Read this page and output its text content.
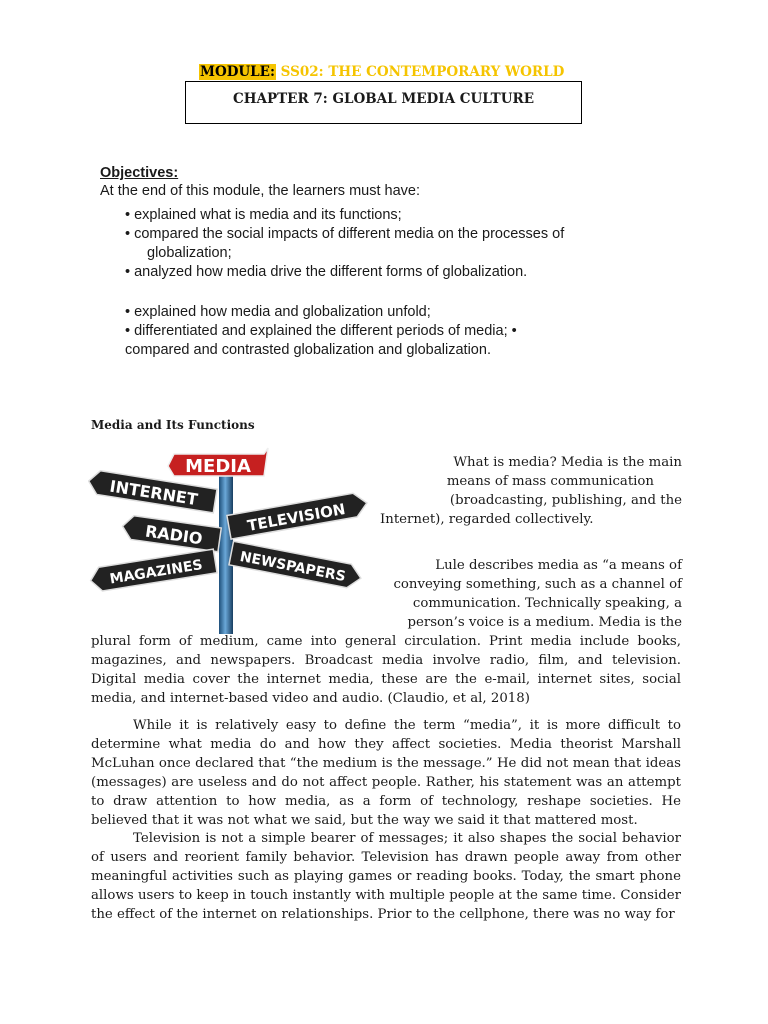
MODULE: SS02: THE CONTEMPORARY WORLD
CHAPTER 7: GLOBAL MEDIA CULTURE
Objectives:
At the end of this module, the learners must have:
• explained what is media and its functions;
• compared the social impacts of different media on the processes of
globalization;
• analyzed how media drive the different forms of globalization.
• explained how media and globalization unfold;
• differentiated and explained the different periods of media; •
compared and contrasted globalization and globalization.
Media and Its Functions
MEDIA
INTERNET
TELEVISION
RADIO
NEWSPAPERS
MAGAZINES
What is media? Media is the main
means of mass communication
(broadcasting, publishing, and the
Internet), regarded collectively.
Lule describes media as “a means of
conveying something, such as a channel of
communication. Technically speaking, a
person’s voice is a medium. Media is the
plural form of medium, came into general circulation. Print media include books, magazines, and newspapers. Broadcast media involve radio, film, and television. Digital media cover the internet media, these are the e-mail, internet sites, social media, and internet-based video and audio. (Claudio, et al, 2018)
While it is relatively easy to define the term “media”, it is more difficult to determine what media do and how they affect societies. Media theorist Marshall McLuhan once declared that “the medium is the message.” He did not mean that ideas (messages) are useless and do not affect people. Rather, his statement was an attempt to draw attention to how media, as a form of technology, reshape societies. He believed that it was not what we said, but the way we said it that mattered most.
Television is not a simple bearer of messages; it also shapes the social behavior of users and reorient family behavior. Television has drawn people away from other meaningful activities such as playing games or reading books. Today, the smart phone allows users to keep in touch instantly with multiple people at the same time. Consider the effect of the internet on relationships. Prior to the cellphone, there was no way for
